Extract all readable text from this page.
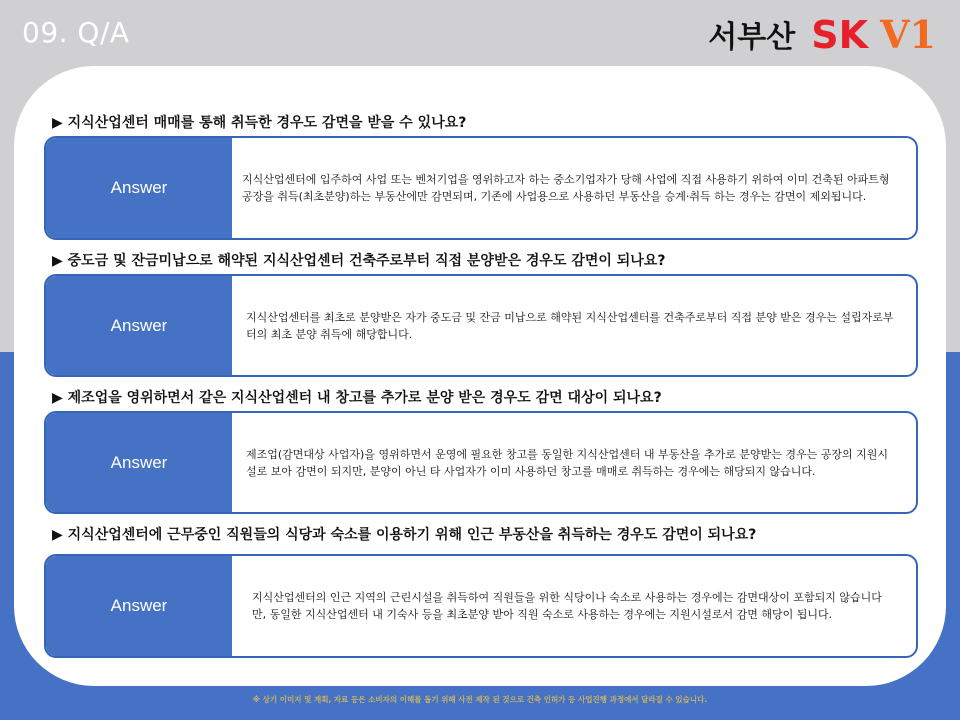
09. Q/A	서부산 SK V1
▶ 지식산업센터 매매를 통해 취득한 경우도 감면을 받을 수 있나요?
Answer	지식산업센터에 입주하여 사업 또는 벤처기업을 영위하고자 하는 중소기업자가 당해 사업에 직접 사용하기 위하여 이미 건축된 아파트형공장을 취득(최초분양)하는 부동산에만 감면되며, 기존에 사업용으로 사용하던 부동산을 승계·취득 하는 경우는 감면이 제외됩니다.
▶ 중도금 및 잔금미납으로 해약된 지식산업센터 건축주로부터 직접 분양받은 경우도 감면이 되나요?
Answer	지식산업센터를 최초로 분양받은 자가 중도금 및 잔금 미납으로 해약된 지식산업센터를 건축주로부터 직접 분양 받은 경우는 설립자로부터의 최초 분양 취득에 해당합니다.
▶ 제조업을 영위하면서 같은 지식산업센터 내 창고를 추가로 분양 받은 경우도 감면 대상이 되나요?
Answer	제조업(감면대상 사업자)을 영위하면서 운영에 필요한 창고를 동일한 지식산업센터 내 부동산을 추가로 분양받는 경우는 공장의 지원시설로 보아 감면이 되지만, 분양이 아닌 타 사업자가 이미 사용하던 창고를 매매로 취득하는 경우에는 해당되지 않습니다.
▶ 지식산업센터에 근무중인 직원들의 식당과 숙소를 이용하기 위해 인근 부동산을 취득하는 경우도 감면이 되나요?
Answer	지식산업센터의 인근 지역의 근린시설을 취득하여 직원들을 위한 식당이나 숙소로 사용하는 경우에는 감면대상이 포함되지 않습니다만, 동일한 지식산업센터 내 기숙사 등을 최초분양 받아 직원 숙소로 사용하는 경우에는 지원시설로서 감면 해당이 됩니다.
※ 상기 이미지 및 계획, 자료 등은 소비자의 이해를 돕기 위해 사전 제작 된 것으로 건축 인허가 등 사업진행 과정에서 달라질 수 있습니다.
